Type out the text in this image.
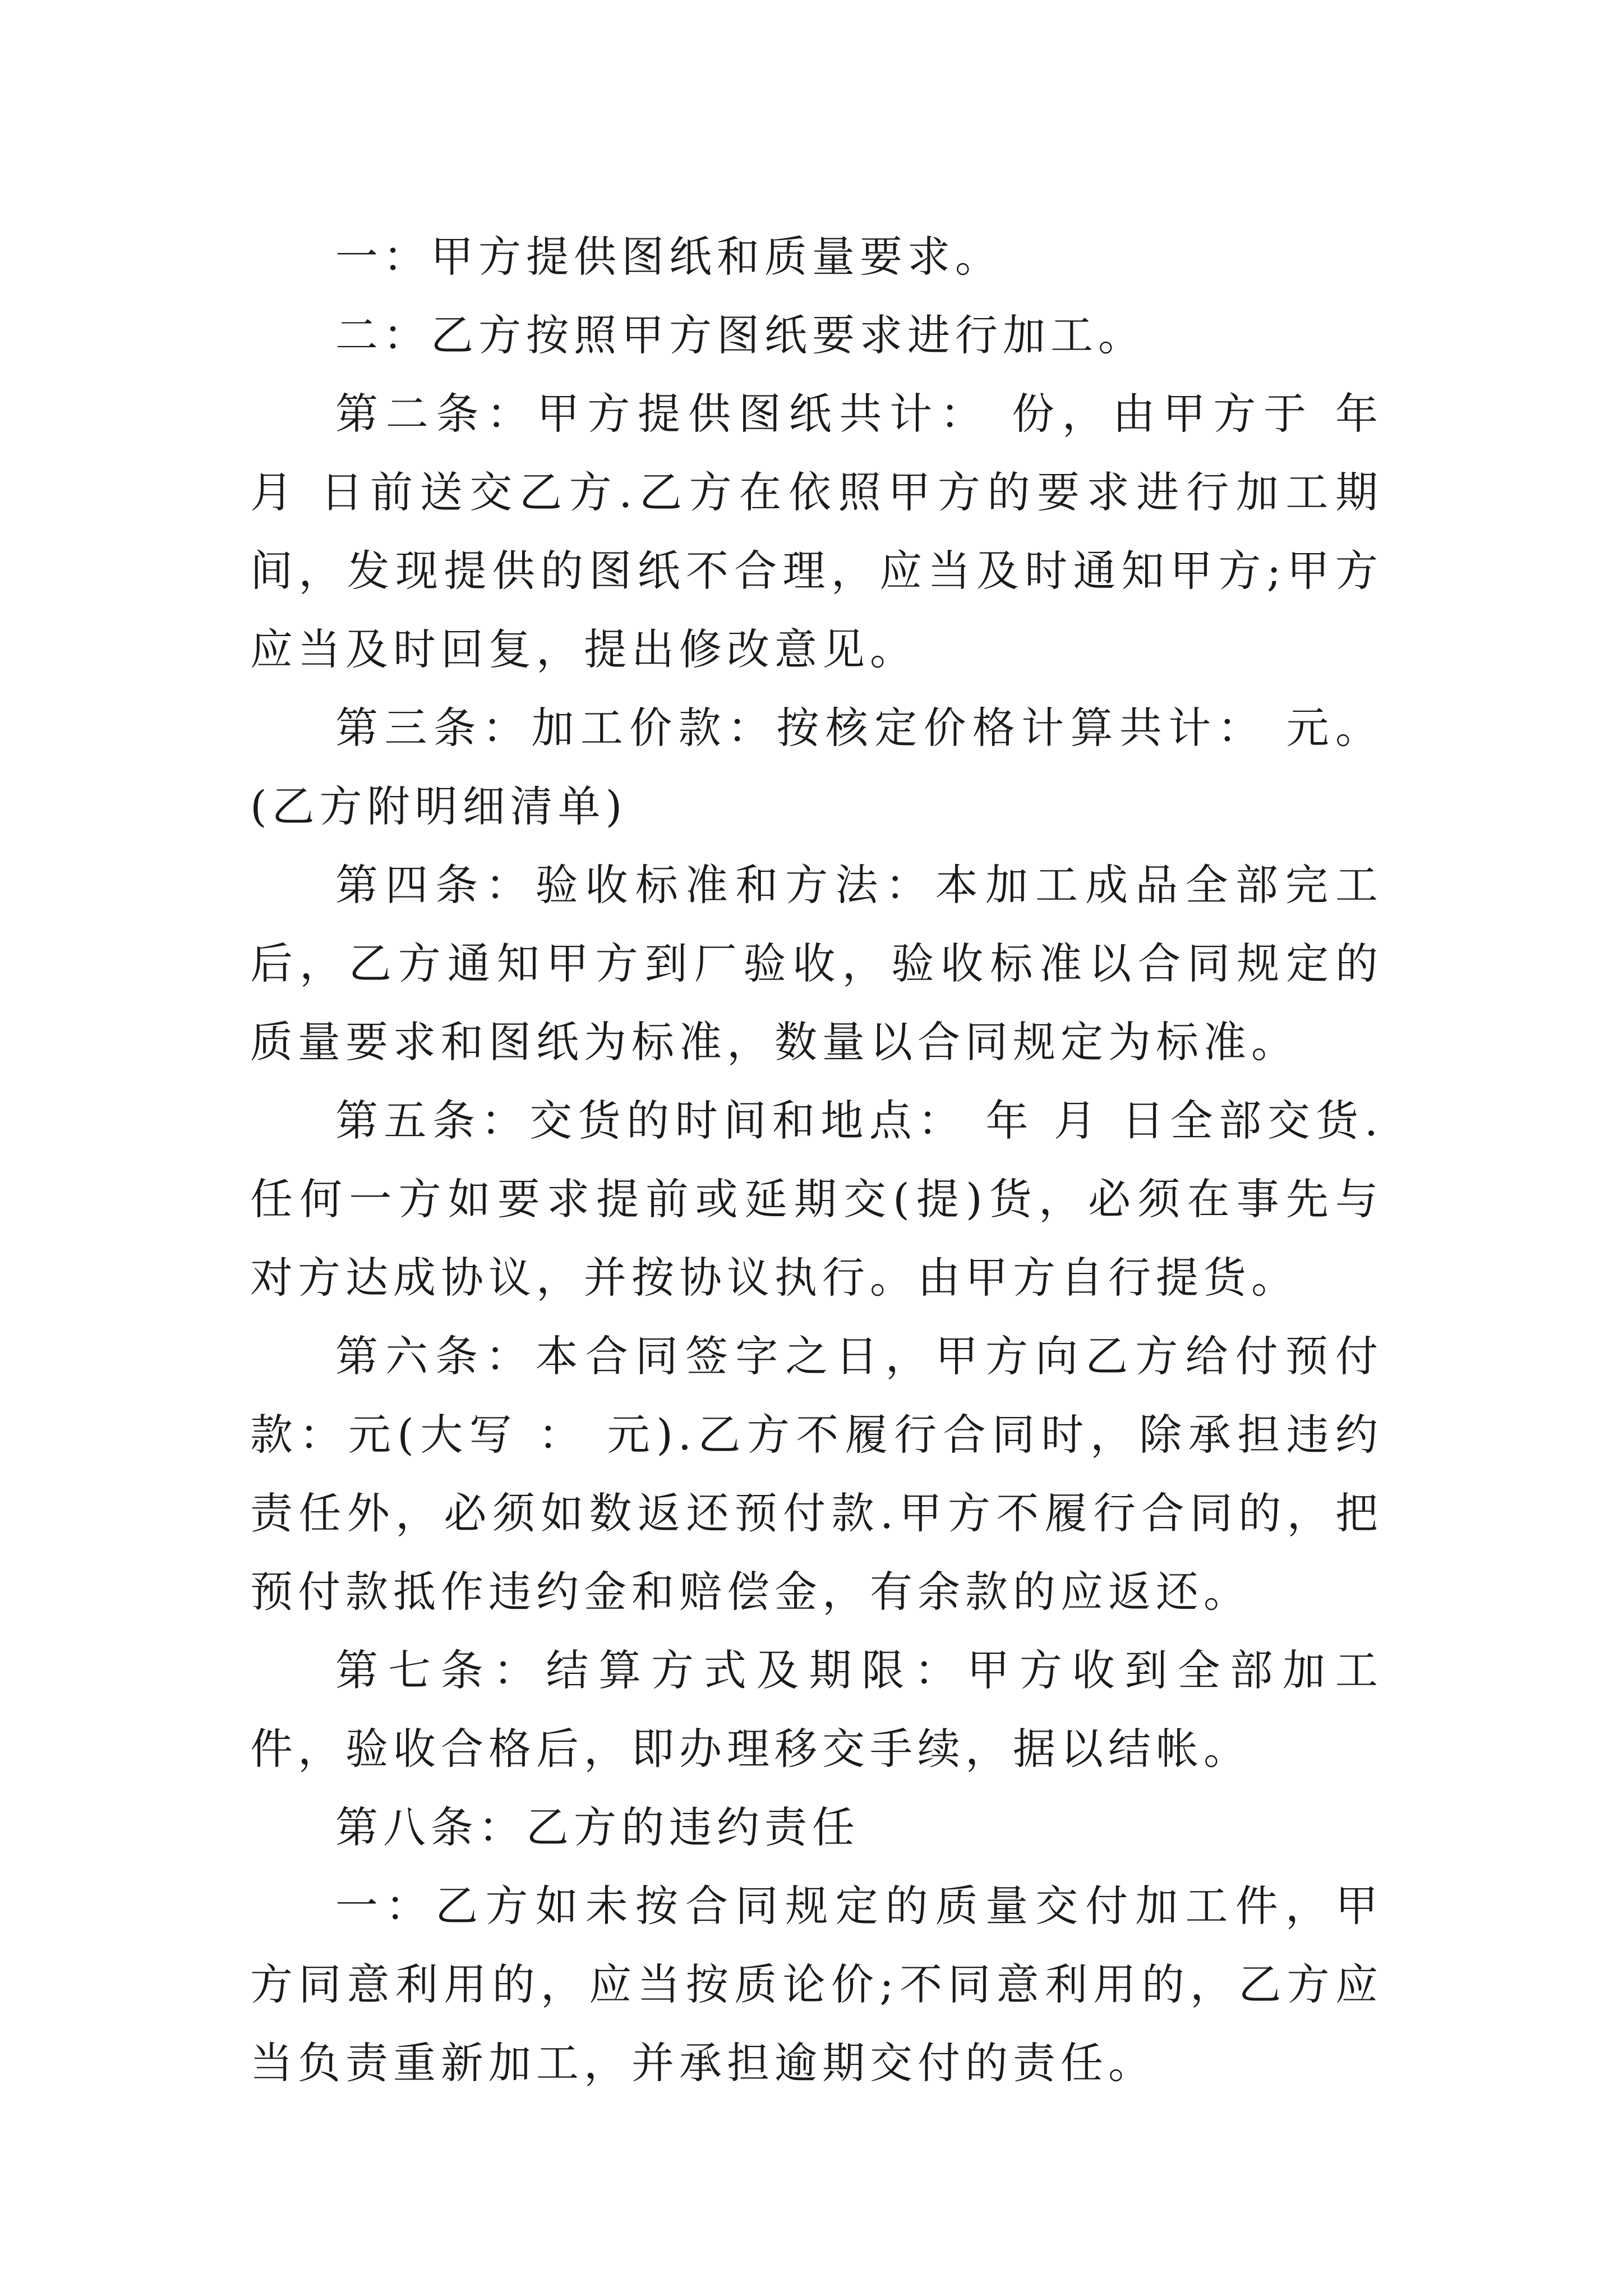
一：甲方提供图纸和质量要求。

二：乙方按照甲方图纸要求进行加工。

第二条：甲方提供图纸共计： 份，由甲方于 年 月 日前送交乙方.乙方在依照甲方的要求进行加工期间，发现提供的图纸不合理，应当及时通知甲方;甲方应当及时回复，提出修改意见。

第三条：加工价款：按核定价格计算共计： 元。(乙方附明细清单)

第四条：验收标准和方法：本加工成品全部完工后，乙方通知甲方到厂验收，验收标准以合同规定的质量要求和图纸为标准，数量以合同规定为标准。

第五条：交货的时间和地点： 年 月 日全部交货.任何一方如要求提前或延期交(提)货，必须在事先与对方达成协议，并按协议执行。由甲方自行提货。

第六条：本合同签字之日，甲方向乙方给付预付款：元(大写 ： 元).乙方不履行合同时，除承担违约责任外，必须如数返还预付款.甲方不履行合同的，把预付款抵作违约金和赔偿金，有余款的应返还。

第七条：结算方式及期限：甲方收到全部加工件，验收合格后，即办理移交手续，据以结帐。

第八条：乙方的违约责任

一：乙方如未按合同规定的质量交付加工件，甲方同意利用的，应当按质论价;不同意利用的，乙方应当负责重新加工，并承担逾期交付的责任。
